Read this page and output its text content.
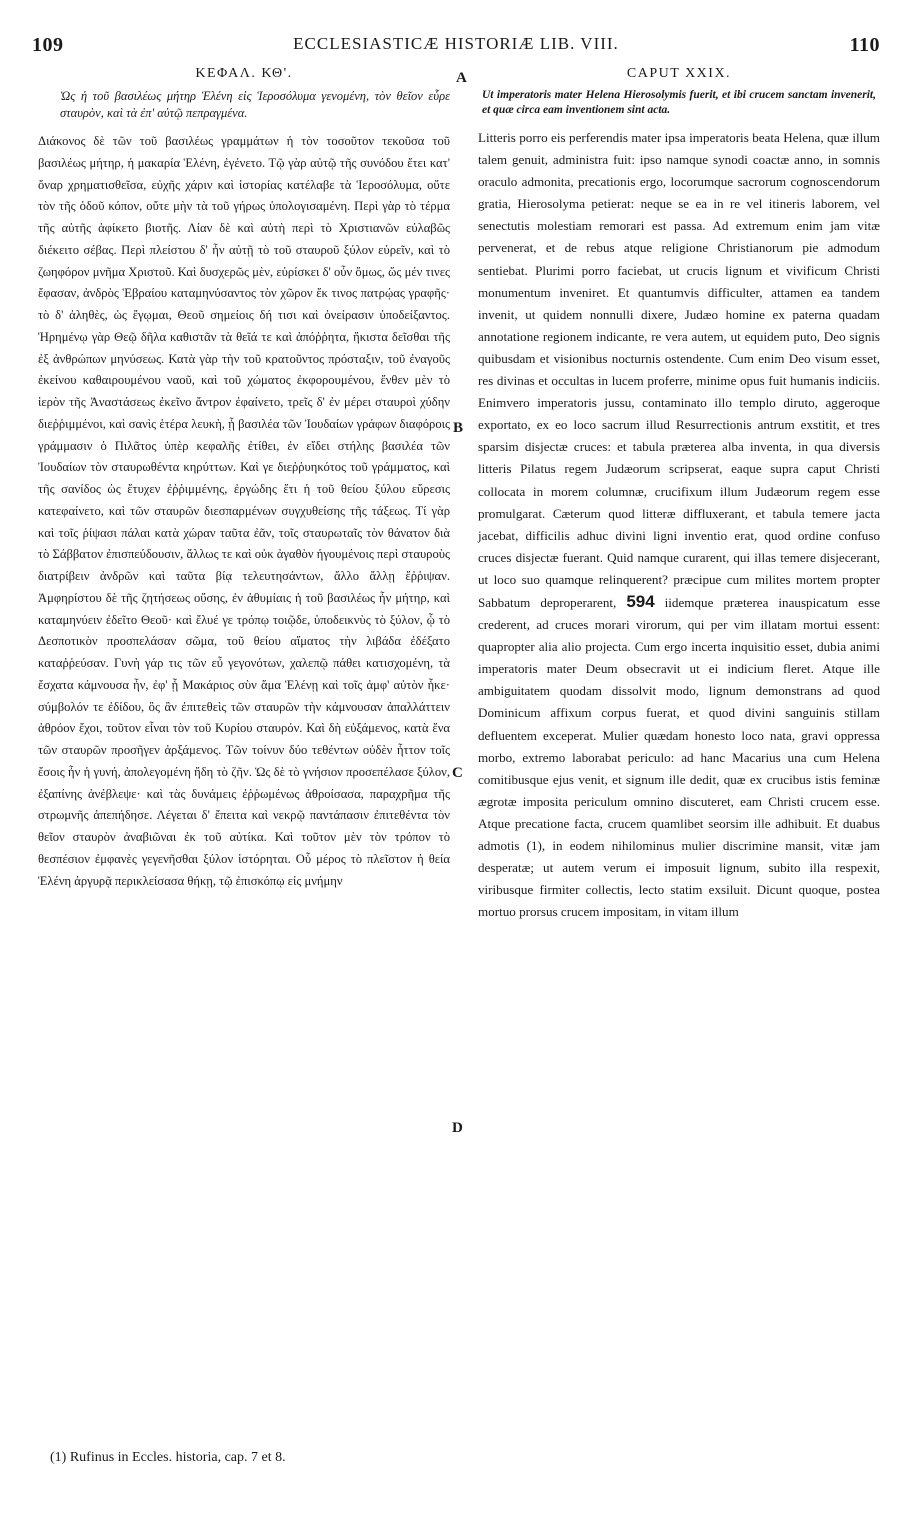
109	ECCLESIASTICÆ HISTORIÆ LIB. VIII.	110
ΚΕΦΑΛ. ΚΘ'.

Ὡς ἡ τοῦ βασιλέως μήτηρ Ἑλένη εἰς Ἱεροσόλυμα γενομένη, τὸν θεῖον εὗρε σταυρὸν, καὶ τὰ ἐπ' αὐτῷ πεπραγμένα.

Διάκονος δὲ τῶν τοῦ βασιλέως γραμμάτων ἡ τὸν τοσοῦτον τεκοῦσα τοῦ βασιλέως μήτηρ, ἡ μακαρία Ἑλένη, ἐγένετο. Τῷ γὰρ αὐτῷ τῆς συνόδου ἔτει κατ' ὄναρ χρηματισθεῖσα, εὐχῆς χάριν καὶ ἱστορίας κατέλαβε τὰ Ἱεροσόλυμα, οὔτε τὸν τῆς ὁδοῦ κόπον, οὔτε μὴν τὰ τοῦ γήρως ὑπολογισαμένη. Περὶ γὰρ τὸ τέρμα τῆς αὐτῆς ἀφίκετο βιοτῆς. Λίαν δὲ καὶ αὐτὴ περὶ τὸ Χριστιανῶν εὐλαβῶς διέκειτο σέβας. Περὶ πλείστου δ' ἦν αὐτῇ τὸ τοῦ σταυροῦ ξύλον εὑρεῖν, καὶ τὸ ζωηφόρον μνῆμα Χριστοῦ. Καὶ δυσχερῶς μὲν, εὑρίσκει δ' οὖν ὅμως, ὥς μέν τινες ἔφασαν, ἀνδρὸς Ἑβραίου καταμηνύσαντος τὸν χῶρον ἔκ τινος πατρῴας γραφῆς· τὸ δ' ἀληθὲς, ὡς ἔγῳμαι, Θεοῦ σημείοις δή τισι καὶ ὀνείρασιν ὑποδείξαντος. Ἠρημένῳ γὰρ Θεῷ δῆλα καθιστᾶν τὰ θεῖά τε καὶ ἀπόῤῥητα, ἥκιστα δεῖσθαι τῆς ἐξ ἀνθρώπων μηνύσεως. Κατὰ γὰρ τὴν τοῦ κρατοῦντος πρόσταξιν, τοῦ ἐναγοῦς ἐκείνου καθαιρουμένου ναοῦ, καὶ τοῦ χώματος ἐκφορουμένου, ἔνθεν μὲν τὸ ἱερὸν τῆς Ἀναστάσεως ἐκεῖνο ἄντρον ἐφαίνετο, τρεῖς δ' ἐν μέρει σταυροὶ χύδην διεῤῥιμμένοι, καὶ σανὶς ἑτέρα λευκὴ, ᾗ βασιλέα τῶν Ἰουδαίων γράφων διαφόροις γράμμασιν ὁ Πιλᾶτος ὑπὲρ κεφαλῆς ἐτίθει, ἐν εἴδει στήλης βασιλέα τῶν Ἰουδαίων τὸν σταυρωθέντα κηρύττων. Καὶ γε διεῤῥυηκότος τοῦ γράμματος, καὶ τῆς σανίδος ὡς ἔτυχεν ἐῤῥιμμένης, ἐργώδης ἔτι ἡ τοῦ θείου ξύλου εὕρεσις κατεφαίνετο, καὶ τῶν σταυρῶν διεσπαρμένων συγχυθείσης τῆς τάξεως. Τί γὰρ καὶ τοῖς ῥίψασι πάλαι κατὰ χώραν ταῦτα ἐᾶν, τοῖς σταυρωταῖς τὸν θάνατον διὰ τὸ Σάββατον ἐπισπεύδουσιν, ἄλλως τε καὶ οὐκ ἀγαθὸν ἡγουμένοις περὶ σταυροὺς διατρίβειν ἀνδρῶν καὶ ταῦτα βίᾳ τελευτησάντων, ἄλλο ἄλλῃ ἔῤῥιψαν. Ἀμφηρίστου δὲ τῆς ζητήσεως οὔσης, ἐν ἀθυμίαις ἡ τοῦ βασιλέως ἦν μήτηρ, καὶ καταμηνύειν ἐδεῖτο Θεοῦ· καὶ ἔλυέ γε τρόπῳ τοιῷδε, ὑποδεικνὺς τὸ ξύλον, ᾧ τὸ Δεσποτικὸν προσπελάσαν σῶμα, τοῦ θείου αἵματος τὴν λιβάδα ἐδέξατο καταῤῥεύσαν. Γυνὴ γάρ τις τῶν εὖ γεγονότων, χαλεπῷ πάθει κατισχομένη, τὰ ἔσχατα κάμνουσα ἦν, ἐφ' ᾗ Μακάριος σὺν ἅμα Ἑλένῃ καὶ τοῖς ἀμφ' αὐτὸν ἧκε· σύμβολόν τε ἐδίδου, ὃς ἂν ἐπιτεθεὶς τῶν σταυρῶν τὴν κάμνουσαν ἀπαλλάττειν ἀθρόον ἔχοι, τοῦτον εἶναι τὸν τοῦ Κυρίου σταυρόν. Καὶ δὴ εὐξάμενος, κατὰ ἕνα τῶν σταυρῶν προσῆγεν ἀρξάμενος. Τῶν τοίνυν δύο τεθέντων οὐδὲν ἧττον τοῖς ἔσοις ἦν ἡ γυνή, ἀπολεγομένη ἤδη τὸ ζῆν. Ὡς δὲ τὸ γνήσιον προσεπέλασε ξύλον, ἐξαπίνης ἀνέβλεψε· καὶ τὰς δυνάμεις ἐῤῥωμένως ἀθροίσασα, παραχρῆμα τῆς στρωμνῆς ἀπεπήδησε. Λέγεται δ' ἔπειτα καὶ νεκρῷ παντάπασιν ἐπιτεθέντα τὸν θεῖον σταυρὸν ἀναβιῶναι ἐκ τοῦ αὐτίκα. Καὶ τοῦτον μὲν τὸν τρόπον τὸ θεσπέσιον ἐμφανὲς γεγενῆσθαι ξύλον ἱστόρηται. Οὗ μέρος τὸ πλεῖστον ἡ θεία Ἑλένη ἀργυρᾷ περικλείσασα θήκῃ, τῷ ἐπισκόπῳ εἰς μνήμην

CAPUT XXIX.

Ut imperatoris mater Helena Hierosolymis fuerit, et ibi crucem sanctam invenerit, et quæ circa eam inventionem sint acta.

Litteris porro eis perferendis mater ipsa imperatoris beata Helena, quæ illum talem genuit, administra fuit: ipso namque synodi coactæ anno, in somnis oraculo admonita, precationis ergo, locorumque sacrorum cognoscendorum gratia, Hierosolyma petierat: neque se ea in re vel itineris laborem, vel senectutis molestiam remorari est passa. Ad extremum enim jam vitæ pervenerat, et de rebus atque religione Christianorum pie admodum sentiebat. Plurimi porro faciebat, ut crucis lignum et vivificum Christi monumentum inveniret. Et quantumvis difficulter, attamen ea tandem invenit, ut quidem nonnulli dixere, Judæo homine ex paterna quadam annotatione regionem indicante, re vera autem, ut equidem puto, Deo signis quibusdam et visionibus nocturnis ostendente. Cum enim Deo visum esset, res divinas et occultas in lucem proferre, minime opus fuit humanis indiciis. Enimvero imperatoris jussu, contaminato illo templo diruto, aggeroque exportato, ex eo loco sacrum illud Resurrectionis antrum exstitit, et tres sparsim disjectæ cruces: et tabula præterea alba inventa, in qua diversis litteris Pilatus regem Judæorum scripserat, eaque supra caput Christi collocata in morem columnæ, crucifixum illum Judæorum regem esse promulgarat. Cæterum quod litteræ diffluxerant, et tabula temere jacta jacebat, difficilis adhuc divini ligni inventio erat, quod ordine confuso cruces disjectæ fuerant. Quid namque curarent, qui illas temere disjecerant, ut loco suo quamque relinquerent? præcipue cum milites mortem propter Sabbatum deproperarent, 594 iidemque præterea inauspicatum esse crederent, ad cruces morari virorum, qui per vim illatam mortui essent: quapropter alia alio projecta. Cum ergo incerta inquisitio esset, dubia animi imperatoris mater Deum obsecravit ut ei indicium fleret. Atque ille ambiguitatem quodam dissolvit modo, lignum demonstrans ad quod Dominicum affixum corpus fuerat, et quod divini sanguinis stillam defluentem exceperat. Mulier quædam honesto loco nata, gravi oppressa morbo, extremo laborabat periculo: ad hanc Macarius una cum Helena comitibusque ejus venit, et signum ille dedit, quæ ex crucibus istis feminæ ægrotæ imposita periculum omnino discuteret, eam Christi crucem esse. Atque precatione facta, crucem quamlibet seorsim ille adhibuit. Et duabus admotis (1), in eodem nihilominus mulier discrimine mansit, vitæ jam desperatæ; ut autem verum ei imposuit lignum, subito illa respexit, viribusque firmiter collectis, lecto statim exsiluit. Dicunt quoque, postea mortuo prorsus crucem impositam, in vitam illum

A
B
C
D
(1) Rufinus in Eccles. historia, cap. 7 et 8.
